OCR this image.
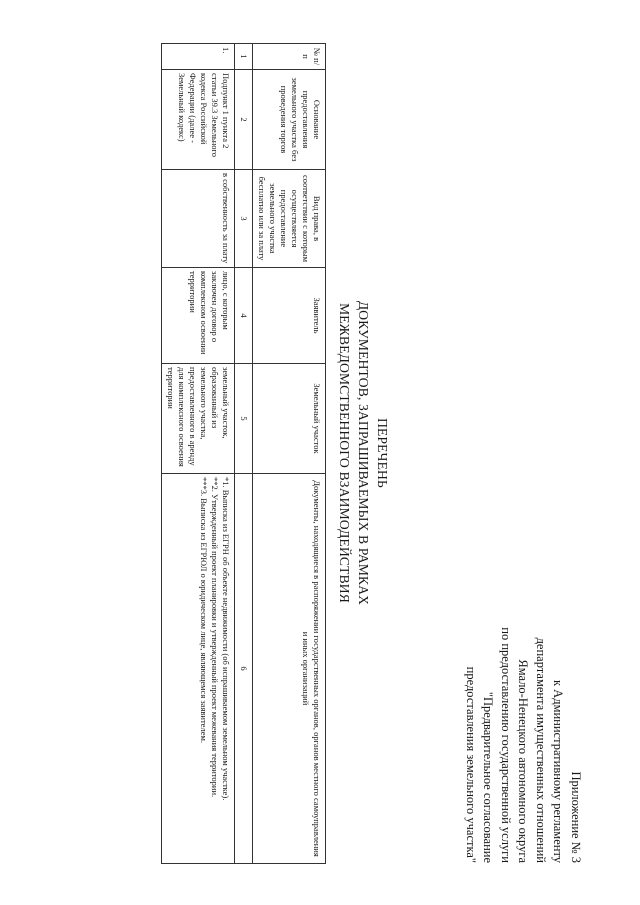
Приложение № 3
к Административному регламенту
департамента имущественных отношений
Ямало-Ненецкого автономного округа
по предоставлению государственной услуги
"Предварительное согласование
предоставления земельного участка"
ПЕРЕЧЕНЬ
ДОКУМЕНТОВ, ЗАПРАШИВАЕМЫХ В РАМКАХ
МЕЖВЕДОМСТВЕННОГО ВЗАИМОДЕЙСТВИЯ
№ п/п	Основание предоставления земельного участка без проведения торгов	Вид права, в соответствии с которым осуществляется предоставление земельного участка бесплатно или за плату	Заявитель	Земельный участок	Документы, находящиеся в распоряжении государственных органов, органов местного самоуправления и иных организаций
1	2	3	4	5	6
1.	Подпункт 1 пункта 2 статьи 39.3 Земельного кодекса Российской Федерации (далее - Земельный кодекс)	в собственность за плату	лицо, с которым заключен договор о комплексном освоении территории	земельный участок, образованный из земельного участка, предоставленного в аренду для комплексного освоения территории	*1. Выписка из ЕГРН об объекте недвижимости (об испрашиваемом земельном участке).
**2. Утвержденный проект планировки и утвержденный проект межевания территории.
***3. Выписка из ЕГРЮЛ о юридическом лице, являющемся заявителем.
